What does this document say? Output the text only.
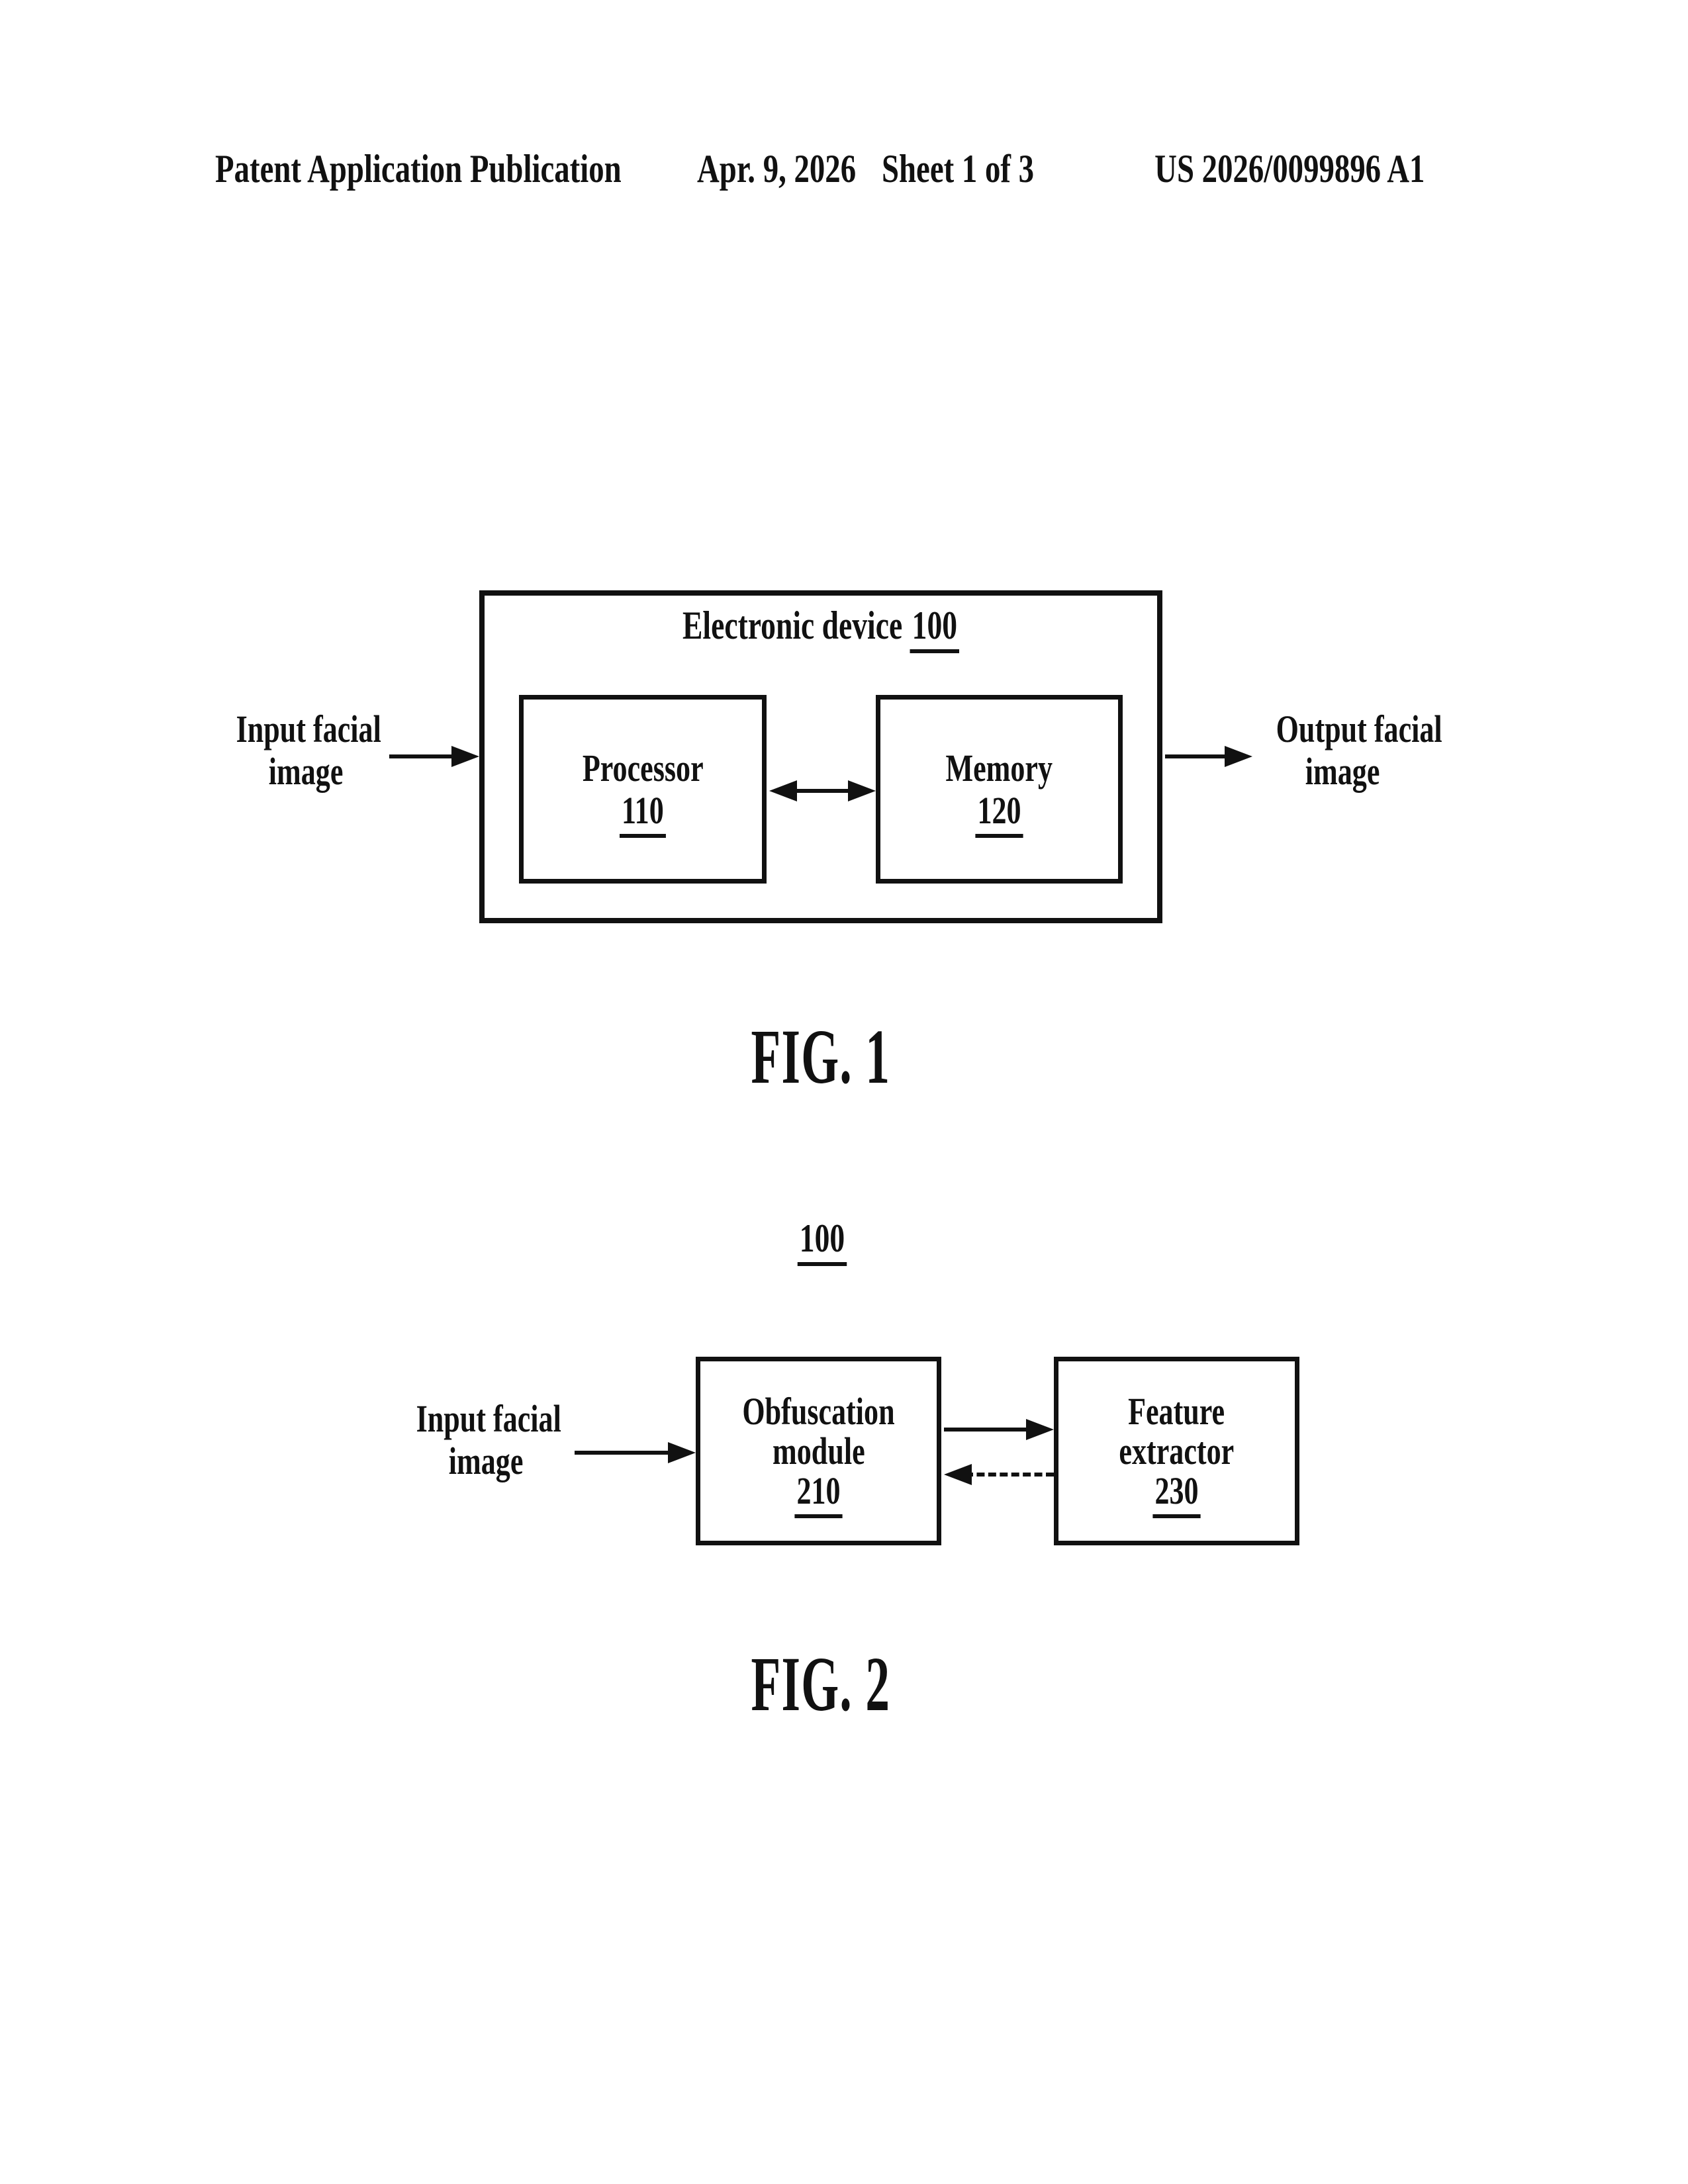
Patent Application Publication	Apr. 9, 2026 Sheet 1 of 3	US 2026/0099896 A1
Electronic device 100
Processor
110
Memory
120
Input facial image
Output facial image
FIG. 1
100
Obfuscation
module
210
Feature
extractor
230
Input facial image
FIG. 2
